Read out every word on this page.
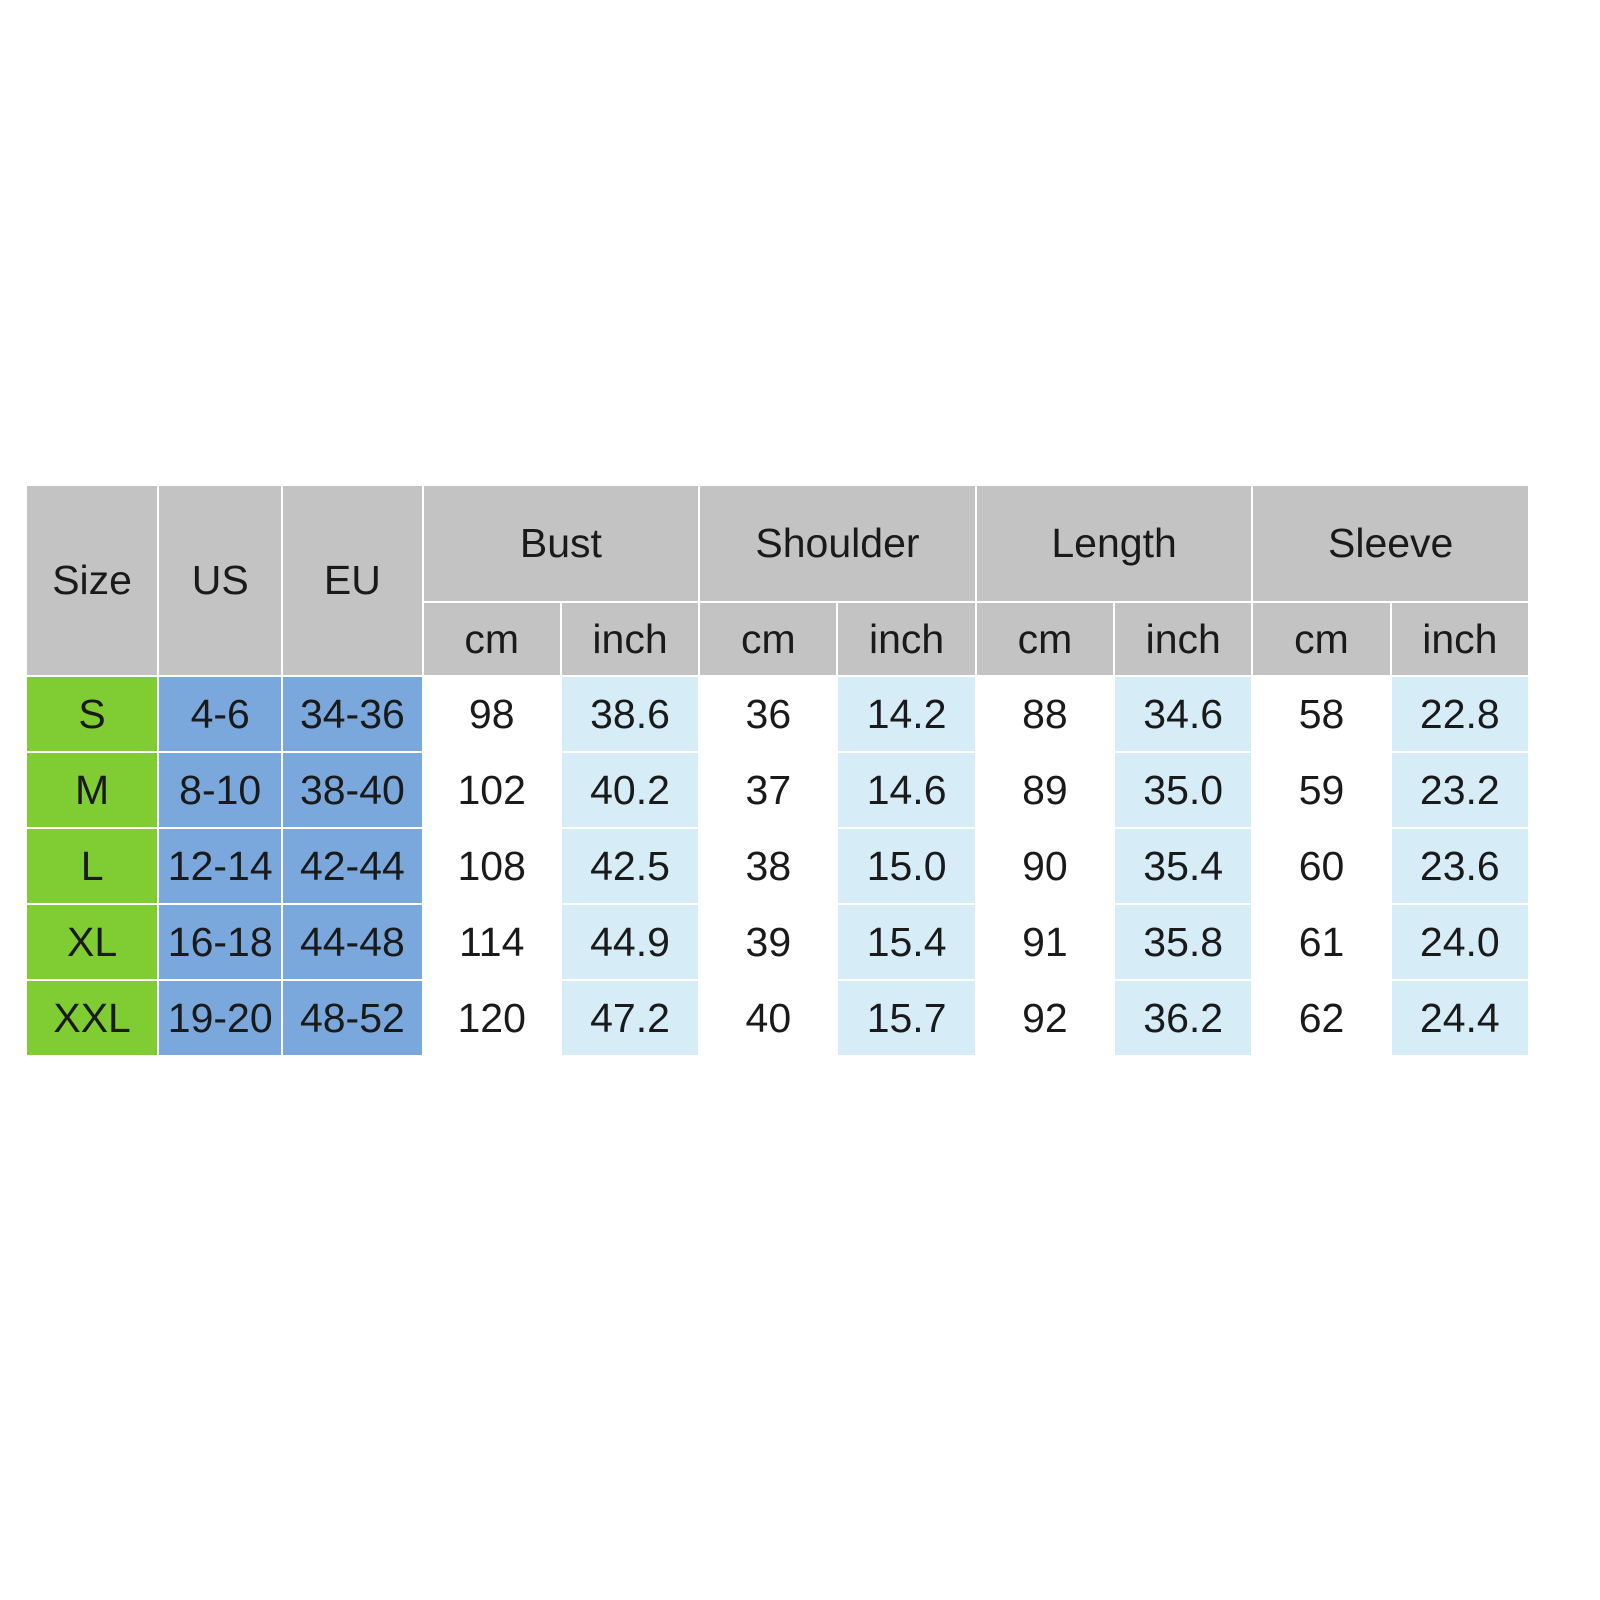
Size	US	EU	Bust		Shoulder		Length		Sleeve	
			cm	inch	cm	inch	cm	inch	cm	inch
S	4-6	34-36	98	38.6	36	14.2	88	34.6	58	22.8
M	8-10	38-40	102	40.2	37	14.6	89	35.0	59	23.2
L	12-14	42-44	108	42.5	38	15.0	90	35.4	60	23.6
XL	16-18	44-48	114	44.9	39	15.4	91	35.8	61	24.0
XXL	19-20	48-52	120	47.2	40	15.7	92	36.2	62	24.4
